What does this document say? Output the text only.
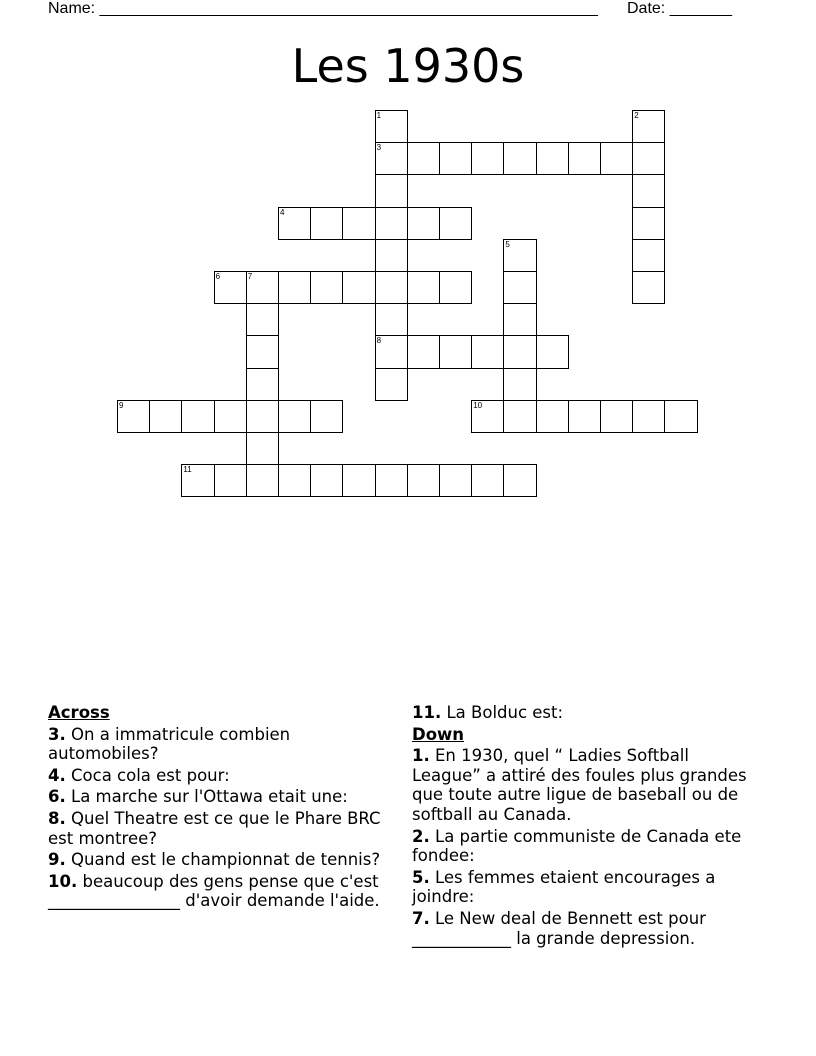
Name: ________________________________________________________ Date: _______
Les 1930s
1
3
8
2
4
5
6	7
9	10
11
Across
3. On a immatricule combien automobiles?
4. Coca cola est pour:
6. La marche sur l'Ottawa etait une:
8. Quel Theatre est ce que le Phare BRC est montree?
9. Quand est le championnat de tennis?
10. beaucoup des gens pense que c'est ________________ d'avoir demande l'aide.
11. La Bolduc est:
Down
1. En 1930, quel “ Ladies Softball League” a attiré des foules plus grandes que toute autre ligue de baseball ou de softball au Canada.
2. La partie communiste de Canada ete fondee:
5. Les femmes etaient encourages a joindre:
7. Le New deal de Bennett est pour ____________ la grande depression.
